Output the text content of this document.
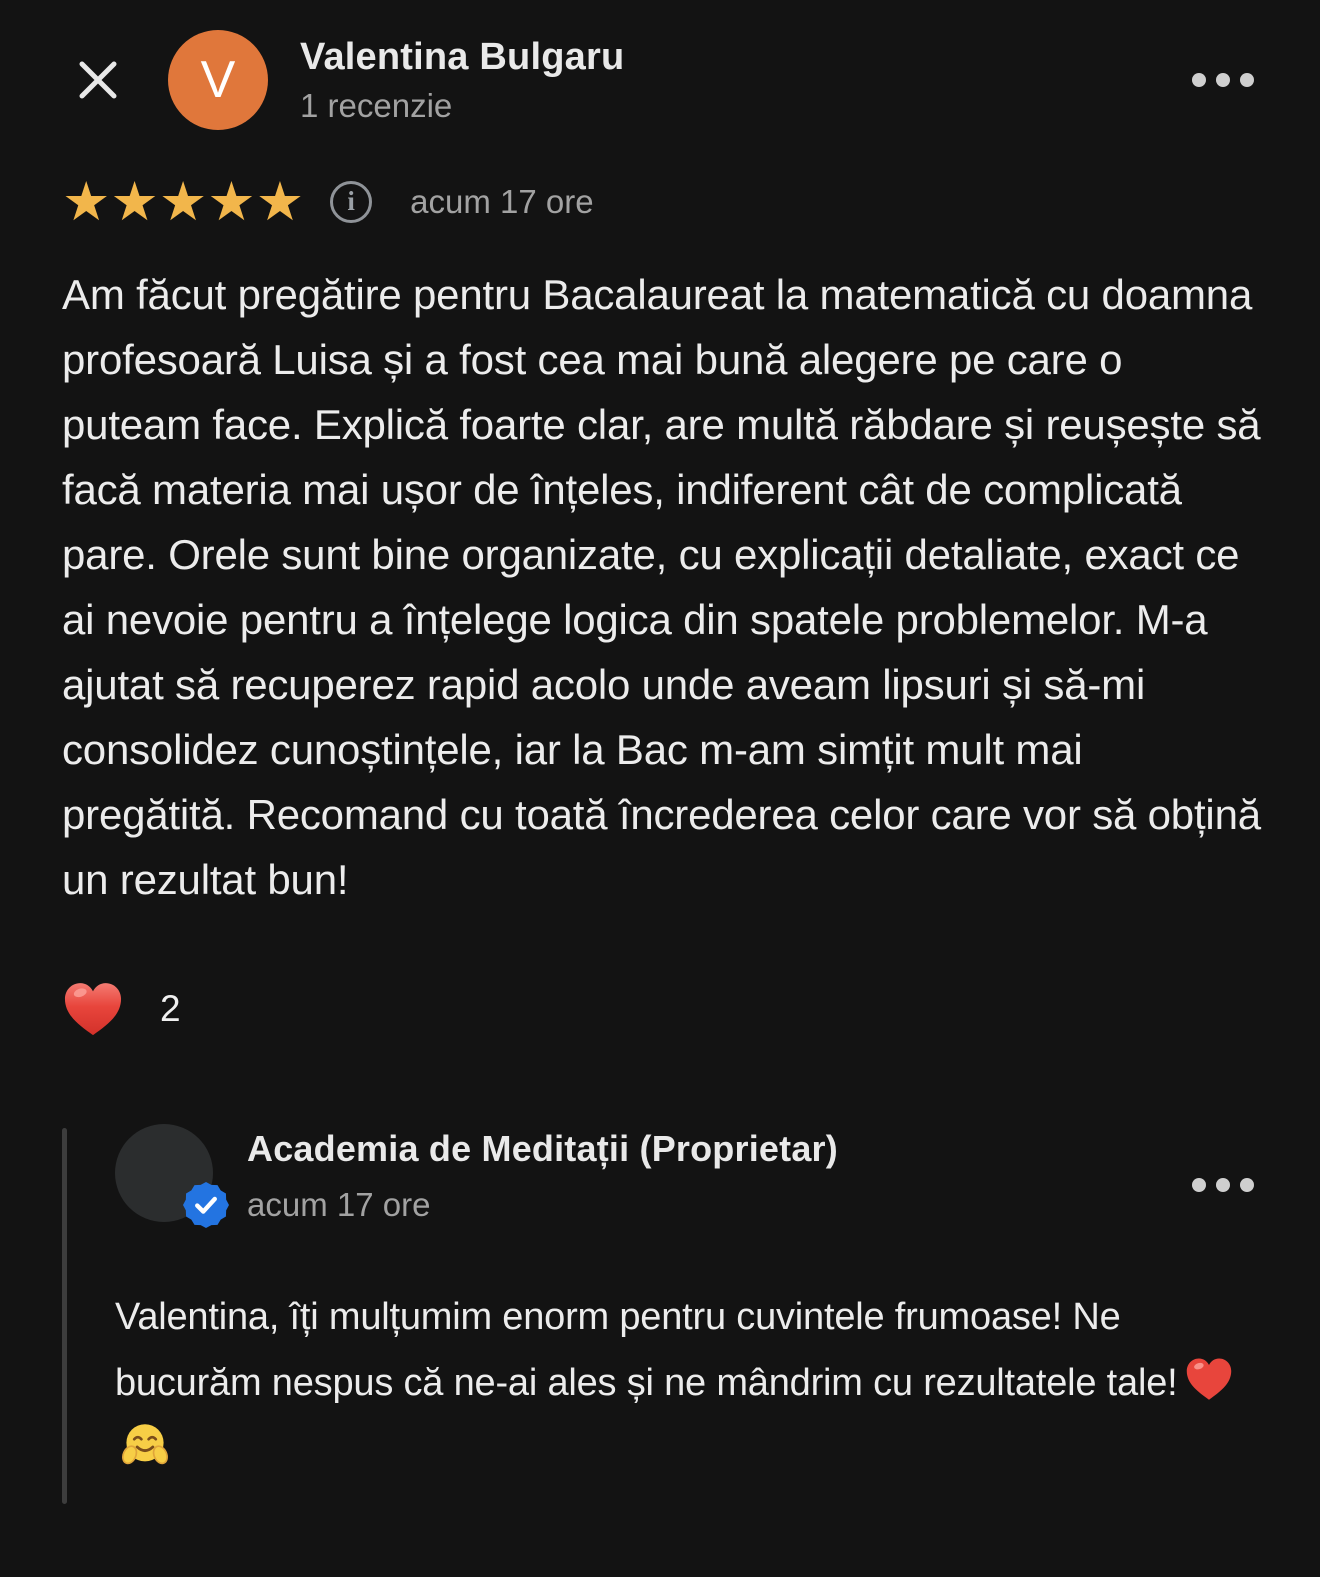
V Valentina Bulgaru
1 recenzie
★ ★ ★ ★ ★ i acum 17 ore

Am făcut pregătire pentru Bacalaureat la matematică cu doamna profesoară Luisa și a fost cea mai bună alegere pe care o puteam face. Explică foarte clar, are multă răbdare și reușește să facă materia mai ușor de înțeles, indiferent cât de complicată pare. Orele sunt bine organizate, cu explicații detaliate, exact ce ai nevoie pentru a înțelege logica din spatele problemelor. M-a ajutat să recuperez rapid acolo unde aveam lipsuri și să-mi consolidez cunoștințele, iar la Bac m-am simțit mult mai pregătită. Recomand cu toată încrederea celor care vor să obțină un rezultat bun!

2
Academia de Meditații (Proprietar)
acum 17 ore

Valentina, îți mulțumim enorm pentru cuvintele frumoase! Ne bucurăm nespus că ne-ai ales și ne mândrim cu rezultatele tale!
